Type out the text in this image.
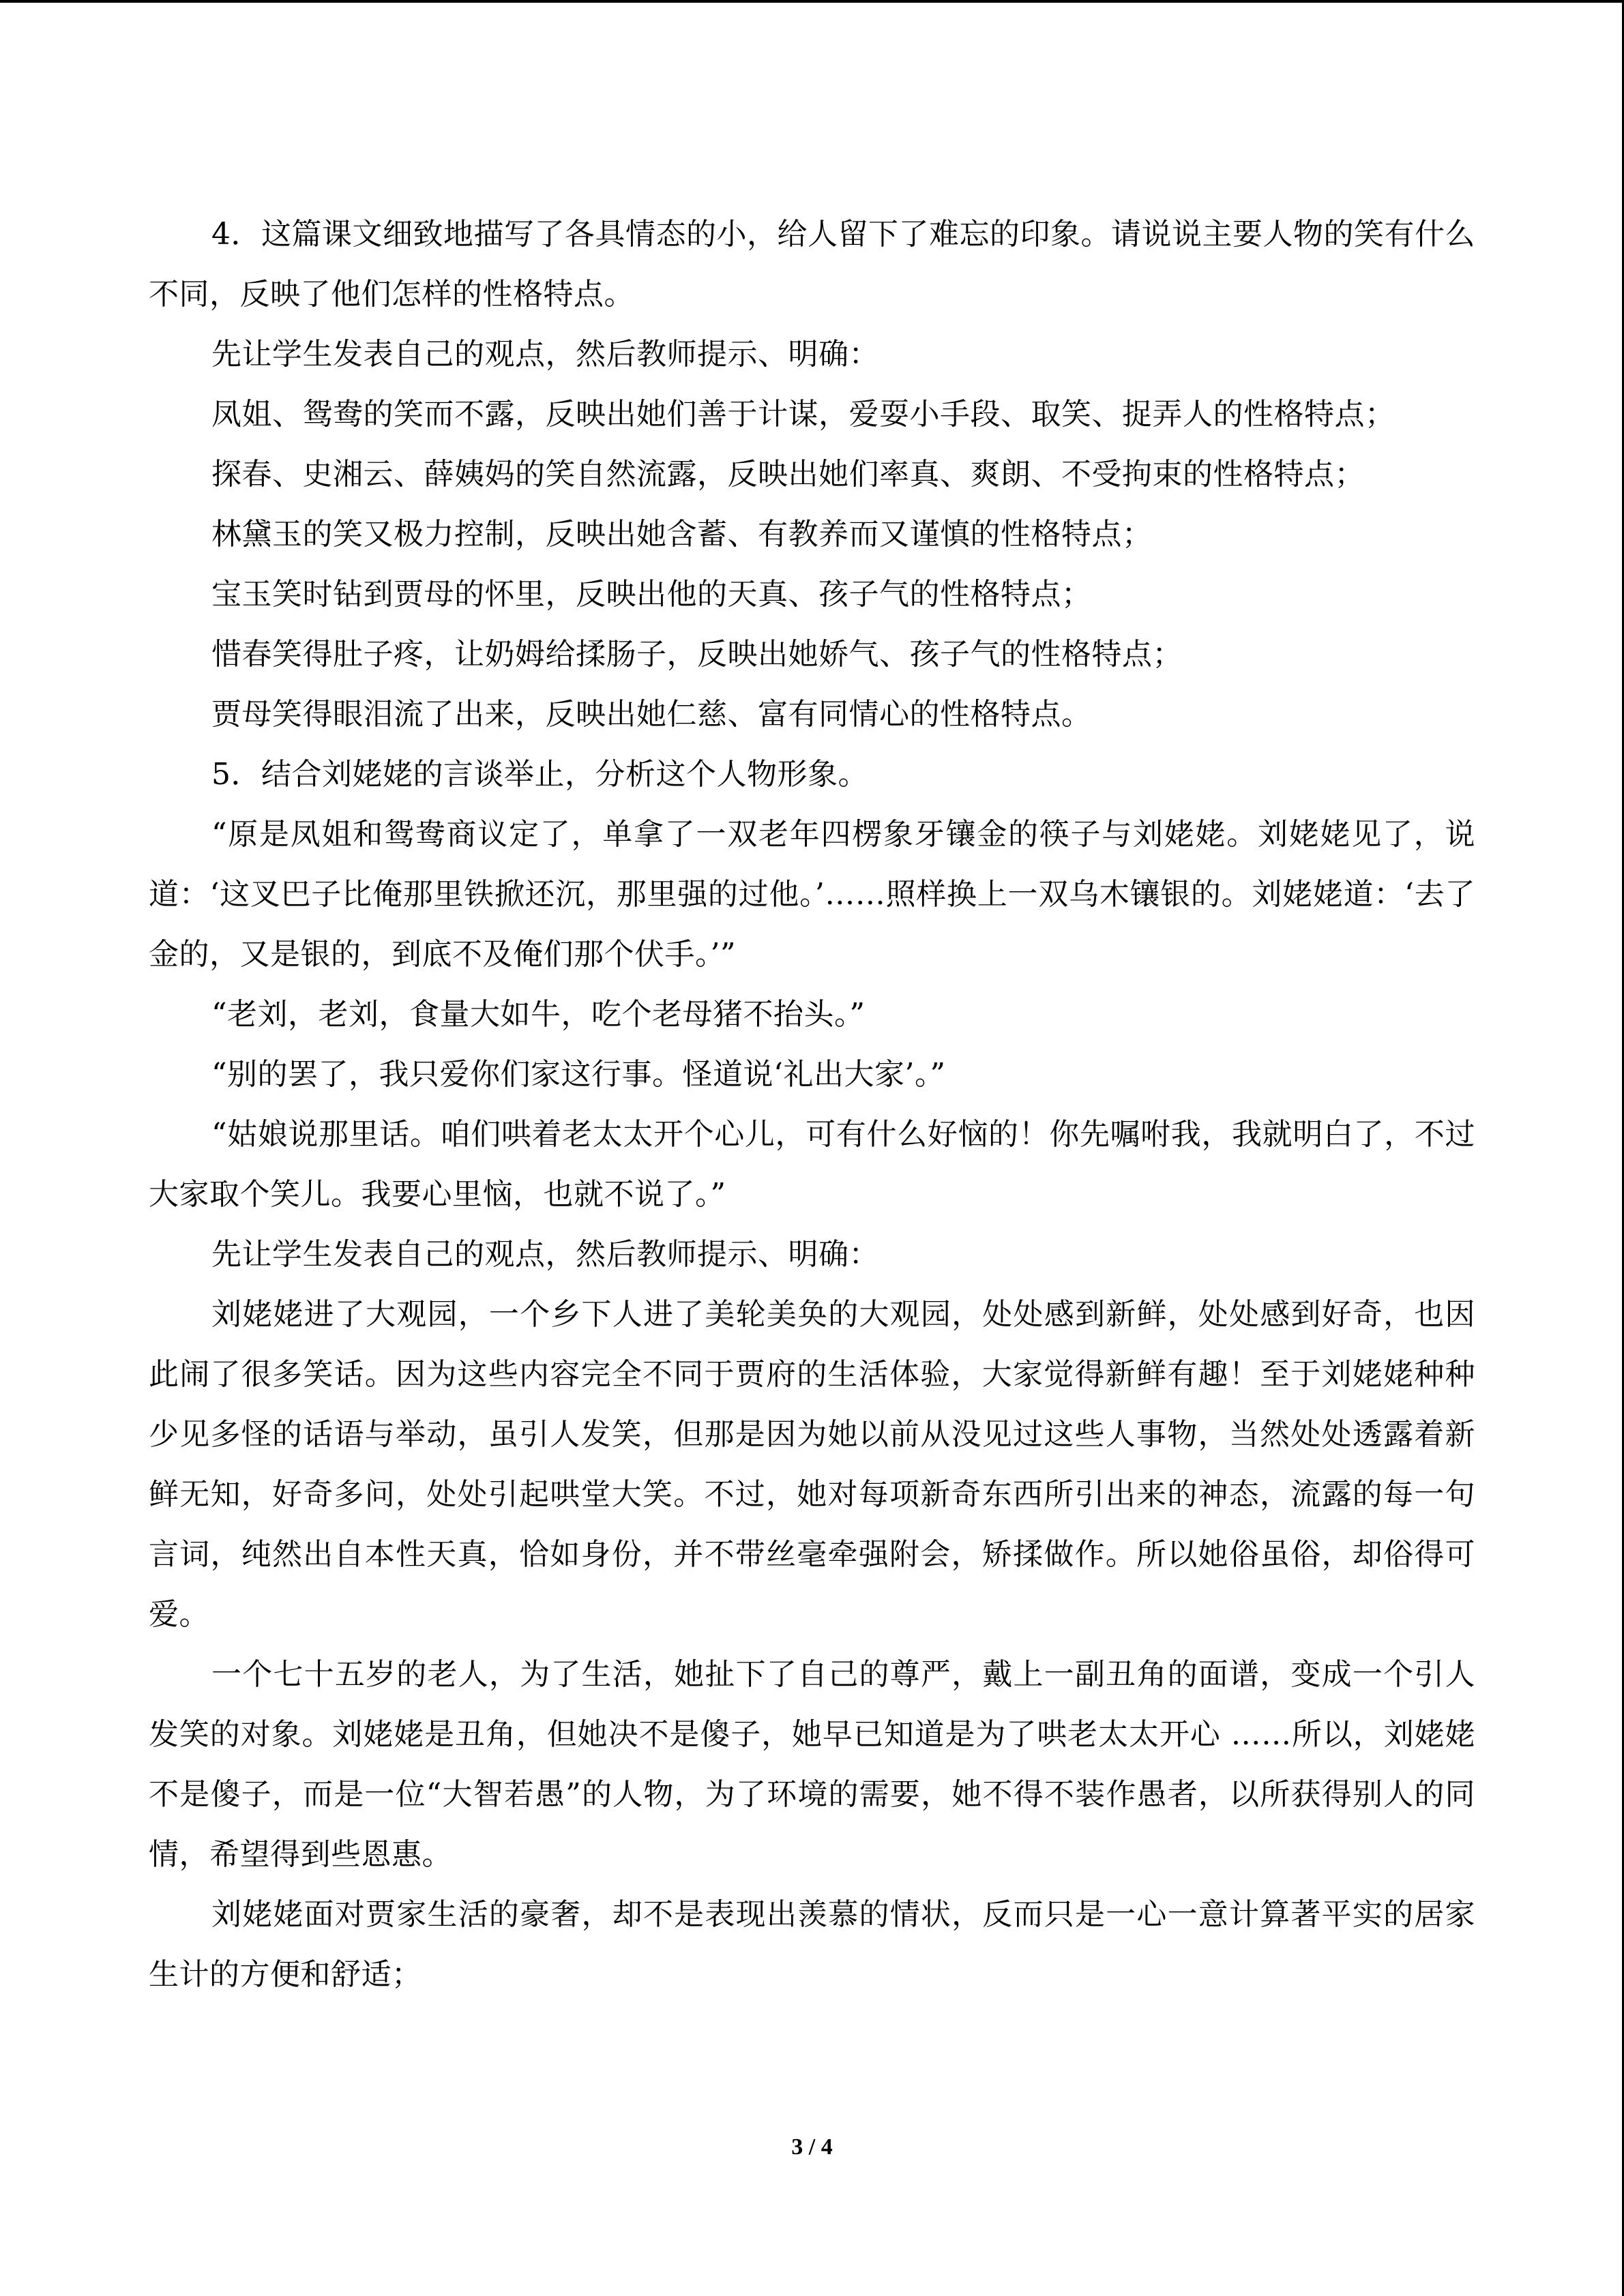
4．这篇课文细致地描写了各具情态的小，给人留下了难忘的印象。请说说主要人物的笑有什么不同，反映了他们怎样的性格特点。

先让学生发表自己的观点，然后教师提示、明确：

凤姐、鸳鸯的笑而不露，反映出她们善于计谋，爱耍小手段、取笑、捉弄人的性格特点；

探春、史湘云、薛姨妈的笑自然流露，反映出她们率真、爽朗、不受拘束的性格特点；

林黛玉的笑又极力控制，反映出她含蓄、有教养而又谨慎的性格特点；

宝玉笑时钻到贾母的怀里，反映出他的天真、孩子气的性格特点；

惜春笑得肚子疼，让奶姆给揉肠子，反映出她娇气、孩子气的性格特点；

贾母笑得眼泪流了出来，反映出她仁慈、富有同情心的性格特点。

5．结合刘姥姥的言谈举止，分析这个人物形象。

“原是凤姐和鸳鸯商议定了，单拿了一双老年四楞象牙镶金的筷子与刘姥姥。刘姥姥见了，说道：‘这叉巴子比俺那里铁掀还沉，那里强的过他。’……照样换上一双乌木镶银的。刘姥姥道：‘去了金的，又是银的，到底不及俺们那个伏手。’”

“老刘，老刘，食量大如牛，吃个老母猪不抬头。”

“别的罢了，我只爱你们家这行事。怪道说‘礼出大家’。”

“姑娘说那里话。咱们哄着老太太开个心儿，可有什么好恼的！你先嘱咐我，我就明白了，不过大家取个笑儿。我要心里恼，也就不说了。”

先让学生发表自己的观点，然后教师提示、明确：

刘姥姥进了大观园，一个乡下人进了美轮美奂的大观园，处处感到新鲜，处处感到好奇，也因此闹了很多笑话。因为这些内容完全不同于贾府的生活体验，大家觉得新鲜有趣！至于刘姥姥种种少见多怪的话语与举动，虽引人发笑，但那是因为她以前从没见过这些人事物，当然处处透露着新鲜无知，好奇多问，处处引起哄堂大笑。不过，她对每项新奇东西所引出来的神态，流露的每一句言词，纯然出自本性天真，恰如身份，并不带丝毫牵强附会，矫揉做作。所以她俗虽俗，却俗得可爱。

一个七十五岁的老人，为了生活，她扯下了自己的尊严，戴上一副丑角的面谱，变成一个引人发笑的对象。刘姥姥是丑角，但她决不是傻子，她早已知道是为了哄老太太开心 ……所以，刘姥姥不是傻子，而是一位“大智若愚”的人物，为了环境的需要，她不得不装作愚者，以所获得别人的同情，希望得到些恩惠。

刘姥姥面对贾家生活的豪奢，却不是表现出羡慕的情状，反而只是一心一意计算著平实的居家生计的方便和舒适；

3 / 4
